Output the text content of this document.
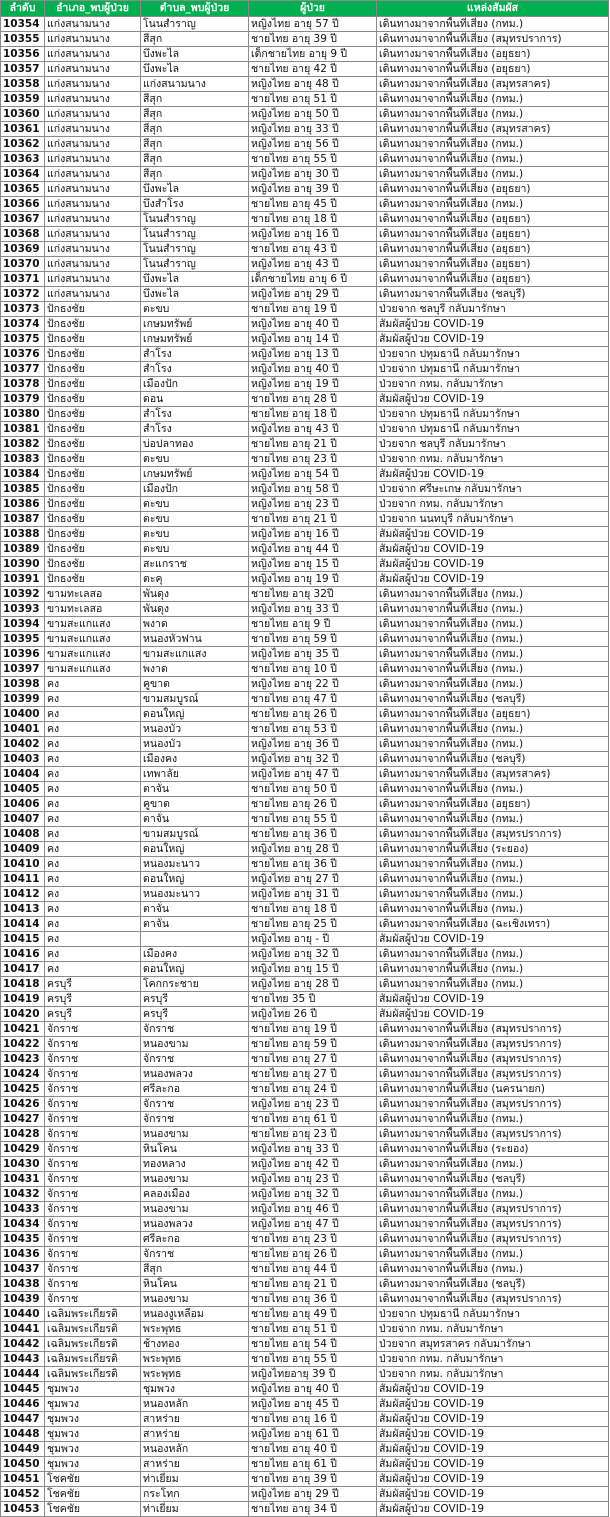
ลำดับ	อำเภอ_พบผู้ป่วย	ตำบล_พบผู้ป่วย	ผู้ป่วย	แหล่งสัมผัส
10354	แก่งสนามนาง	โนนสำราญ	หญิงไทย อายุ 57 ปี	เดินทางมาจากพื้นที่เสี่ยง (กทม.)
10355	แก่งสนามนาง	สีสุก	ชายไทย อายุ 39 ปี	เดินทางมาจากพื้นที่เสี่ยง (สมุทรปราการ)
10356	แก่งสนามนาง	บึงพะไล	เด็กชายไทย อายุ 9 ปี	เดินทางมาจากพื้นที่เสี่ยง (อยุธยา)
10357	แก่งสนามนาง	บึงพะไล	ชายไทย อายุ 42 ปี	เดินทางมาจากพื้นที่เสี่ยง (อยุธยา)
10358	แก่งสนามนาง	แก่งสนามนาง	หญิงไทย อายุ 48 ปี	เดินทางมาจากพื้นที่เสี่ยง (สมุทรสาคร)
10359	แก่งสนามนาง	สีสุก	ชายไทย อายุ 51 ปี	เดินทางมาจากพื้นที่เสี่ยง (กทม.)
10360	แก่งสนามนาง	สีสุก	หญิงไทย อายุ 50 ปี	เดินทางมาจากพื้นที่เสี่ยง (กทม.)
10361	แก่งสนามนาง	สีสุก	หญิงไทย อายุ 33 ปี	เดินทางมาจากพื้นที่เสี่ยง (สมุทรสาคร)
10362	แก่งสนามนาง	สีสุก	หญิงไทย อายุ 56 ปี	เดินทางมาจากพื้นที่เสี่ยง (กทม.)
10363	แก่งสนามนาง	สีสุก	ชายไทย อายุ 55 ปี	เดินทางมาจากพื้นที่เสี่ยง (กทม.)
10364	แก่งสนามนาง	สีสุก	หญิงไทย อายุ 30 ปี	เดินทางมาจากพื้นที่เสี่ยง (กทม.)
10365	แก่งสนามนาง	บึงพะไล	หญิงไทย อายุ 39 ปี	เดินทางมาจากพื้นที่เสี่ยง (อยุธยา)
10366	แก่งสนามนาง	บึงสำโรง	ชายไทย อายุ 45 ปี	เดินทางมาจากพื้นที่เสี่ยง (กทม.)
10367	แก่งสนามนาง	โนนสำราญ	ชายไทย อายุ 18 ปี	เดินทางมาจากพื้นที่เสี่ยง (อยุธยา)
10368	แก่งสนามนาง	โนนสำราญ	หญิงไทย อายุ 16 ปี	เดินทางมาจากพื้นที่เสี่ยง (อยุธยา)
10369	แก่งสนามนาง	โนนสำราญ	ชายไทย อายุ 43 ปี	เดินทางมาจากพื้นที่เสี่ยง (อยุธยา)
10370	แก่งสนามนาง	โนนสำราญ	หญิงไทย อายุ 43 ปี	เดินทางมาจากพื้นที่เสี่ยง (อยุธยา)
10371	แก่งสนามนาง	บึงพะไล	เด็กชายไทย อายุ 6 ปี	เดินทางมาจากพื้นที่เสี่ยง (อยุธยา)
10372	แก่งสนามนาง	บึงพะไล	หญิงไทย อายุ 29 ปี	เดินทางมาจากพื้นที่เสี่ยง (ชลบุรี)
10373	ปักธงชัย	ตะขบ	ชายไทย อายุ 19 ปี	ป่วยจาก ชลบุรี กลับมารักษา
10374	ปักธงชัย	เกษมทรัพย์	หญิงไทย อายุ 40 ปี	สัมผัสผู้ป่วย COVID-19
10375	ปักธงชัย	เกษมทรัพย์	หญิงไทย อายุ 14 ปี	สัมผัสผู้ป่วย COVID-19
10376	ปักธงชัย	สำโรง	หญิงไทย อายุ 13 ปี	ป่วยจาก ปทุมธานี กลับมารักษา
10377	ปักธงชัย	สำโรง	หญิงไทย อายุ 40 ปี	ป่วยจาก ปทุมธานี กลับมารักษา
10378	ปักธงชัย	เมืองปัก	หญิงไทย อายุ 19 ปี	ป่วยจาก กทม. กลับมารักษา
10379	ปักธงชัย	ดอน	ชายไทย อายุ 28 ปี	สัมผัสผู้ป่วย COVID-19
10380	ปักธงชัย	สำโรง	ชายไทย อายุ 18 ปี	ป่วยจาก ปทุมธานี กลับมารักษา
10381	ปักธงชัย	สำโรง	หญิงไทย อายุ 43 ปี	ป่วยจาก ปทุมธานี กลับมารักษา
10382	ปักธงชัย	บ่อปลาทอง	ชายไทย อายุ 21 ปี	ป่วยจาก ชลบุรี กลับมารักษา
10383	ปักธงชัย	ตะขบ	ชายไทย อายุ 23 ปี	ป่วยจาก กทม. กลับมารักษา
10384	ปักธงชัย	เกษมทรัพย์	หญิงไทย อายุ 54 ปี	สัมผัสผู้ป่วย COVID-19
10385	ปักธงชัย	เมืองปัก	หญิงไทย อายุ 58 ปี	ป่วยจาก ศรีษะเกษ กลับมารักษา
10386	ปักธงชัย	ตะขบ	หญิงไทย อายุ 23 ปี	ป่วยจาก กทม. กลับมารักษา
10387	ปักธงชัย	ตะขบ	ชายไทย อายุ 21 ปี	ป่วยจาก นนทบุรี กลับมารักษา
10388	ปักธงชัย	ตะขบ	หญิงไทย อายุ 16 ปี	สัมผัสผู้ป่วย COVID-19
10389	ปักธงชัย	ตะขบ	หญิงไทย อายุ 44 ปี	สัมผัสผู้ป่วย COVID-19
10390	ปักธงชัย	สะแกราช	หญิงไทย อายุ 15 ปี	สัมผัสผู้ป่วย COVID-19
10391	ปักธงชัย	ตะคุ	หญิงไทย อายุ 19 ปี	สัมผัสผู้ป่วย COVID-19
10392	ขามทะเลสอ	พันดุง	ชายไทย อายุ 32ปี	เดินทางมาจากพื้นที่เสี่ยง (กทม.)
10393	ขามทะเลสอ	พันดุง	หญิงไทย อายุ 33 ปี	เดินทางมาจากพื้นที่เสี่ยง (กทม.)
10394	ขามสะแกแสง	พงาด	ชายไทย อายุ 9 ปี	เดินทางมาจากพื้นที่เสี่ยง (กทม.)
10395	ขามสะแกแสง	หนองหัวฟาน	ชายไทย อายุ 59 ปี	เดินทางมาจากพื้นที่เสี่ยง (กทม.)
10396	ขามสะแกแสง	ขามสะแกแสง	หญิงไทย อายุ 35 ปี	เดินทางมาจากพื้นที่เสี่ยง (กทม.)
10397	ขามสะแกแสง	พงาด	ชายไทย อายุ 10 ปี	เดินทางมาจากพื้นที่เสี่ยง (กทม.)
10398	คง	คูขาด	หญิงไทย อายุ 22 ปี	เดินทางมาจากพื้นที่เสี่ยง (กทม.)
10399	คง	ขามสมบูรณ์	ชายไทย อายุ 47 ปี	เดินทางมาจากพื้นที่เสี่ยง (ชลบุรี)
10400	คง	ดอนใหญ่	ชายไทย อายุ 26 ปี	เดินทางมาจากพื้นที่เสี่ยง (อยุธยา)
10401	คง	หนองบัว	ชายไทย อายุ 53 ปี	เดินทางมาจากพื้นที่เสี่ยง (กทม.)
10402	คง	หนองบัว	หญิงไทย อายุ 36 ปี	เดินทางมาจากพื้นที่เสี่ยง (กทม.)
10403	คง	เมืองคง	หญิงไทย อายุ 32 ปี	เดินทางมาจากพื้นที่เสี่ยง (ชลบุรี)
10404	คง	เทพาลัย	หญิงไทย อายุ 47 ปี	เดินทางมาจากพื้นที่เสี่ยง (สมุทรสาคร)
10405	คง	ตาจั่น	ชายไทย อายุ 50 ปี	เดินทางมาจากพื้นที่เสี่ยง (กทม.)
10406	คง	คูขาด	ชายไทย อายุ 26 ปี	เดินทางมาจากพื้นที่เสี่ยง (อยุธยา)
10407	คง	ตาจั่น	ชายไทย อายุ 55 ปี	เดินทางมาจากพื้นที่เสี่ยง (กทม.)
10408	คง	ขามสมบูรณ์	ชายไทย อายุ 36 ปี	เดินทางมาจากพื้นที่เสี่ยง (สมุทรปราการ)
10409	คง	ดอนใหญ่	หญิงไทย อายุ 28 ปี	เดินทางมาจากพื้นที่เสี่ยง (ระยอง)
10410	คง	หนองมะนาว	ชายไทย อายุ 36 ปี	เดินทางมาจากพื้นที่เสี่ยง (กทม.)
10411	คง	ดอนใหญ่	หญิงไทย อายุ 27 ปี	เดินทางมาจากพื้นที่เสี่ยง (กทม.)
10412	คง	หนองมะนาว	หญิงไทย อายุ 31 ปี	เดินทางมาจากพื้นที่เสี่ยง (กทม.)
10413	คง	ตาจั่น	ชายไทย อายุ 18 ปี	เดินทางมาจากพื้นที่เสี่ยง (กทม.)
10414	คง	ตาจั่น	ชายไทย อายุ 25 ปี	เดินทางมาจากพื้นที่เสี่ยง (ฉะเชิงเทรา)
10415	คง		หญิงไทย อายุ - ปี	สัมผัสผู้ป่วย COVID-19
10416	คง	เมืองคง	หญิงไทย อายุ 32 ปี	เดินทางมาจากพื้นที่เสี่ยง (กทม.)
10417	คง	ดอนใหญ่	หญิงไทย อายุ 15 ปี	เดินทางมาจากพื้นที่เสี่ยง (กทม.)
10418	ครบุรี	โคกกระชาย	หญิงไทย อายุ 28 ปี	เดินทางมาจากพื้นที่เสี่ยง (กทม.)
10419	ครบุรี	ครบุรี	ชายไทย 35 ปี	สัมผัสผู้ป่วย COVID-19
10420	ครบุรี	ครบุรี	หญิงไทย 26 ปี	สัมผัสผู้ป่วย COVID-19
10421	จักราช	จักราช	ชายไทย อายุ 19 ปี	เดินทางมาจากพื้นที่เสี่ยง (สมุทรปราการ)
10422	จักราช	หนองขาม	ชายไทย อายุ 59 ปี	เดินทางมาจากพื้นที่เสี่ยง (สมุทรปราการ)
10423	จักราช	จักราช	ชายไทย อายุ 27 ปี	เดินทางมาจากพื้นที่เสี่ยง (สมุทรปราการ)
10424	จักราช	หนองพลวง	ชายไทย อายุ 27 ปี	เดินทางมาจากพื้นที่เสี่ยง (สมุทรปราการ)
10425	จักราช	ศรีละกอ	ชายไทย อายุ 24 ปี	เดินทางมาจากพื้นที่เสี่ยง (นครนายก)
10426	จักราช	จักราช	หญิงไทย อายุ 23 ปี	เดินทางมาจากพื้นที่เสี่ยง (สมุทรปราการ)
10427	จักราช	จักราช	ชายไทย อายุ 61 ปี	เดินทางมาจากพื้นที่เสี่ยง (กทม.)
10428	จักราช	หนองขาม	ชายไทย อายุ 23 ปี	เดินทางมาจากพื้นที่เสี่ยง (สมุทรปราการ)
10429	จักราช	หินโคน	หญิงไทย อายุ 33 ปี	เดินทางมาจากพื้นที่เสี่ยง (ระยอง)
10430	จักราช	ทองหลาง	หญิงไทย อายุ 42 ปี	เดินทางมาจากพื้นที่เสี่ยง (กทม.)
10431	จักราช	หนองขาม	หญิงไทย อายุ 23 ปี	เดินทางมาจากพื้นที่เสี่ยง (ชลบุรี)
10432	จักราช	คลองเมือง	หญิงไทย อายุ 32 ปี	เดินทางมาจากพื้นที่เสี่ยง (กทม.)
10433	จักราช	หนองขาม	หญิงไทย อายุ 46 ปี	เดินทางมาจากพื้นที่เสี่ยง (สมุทรปราการ)
10434	จักราช	หนองพลวง	หญิงไทย อายุ 47 ปี	เดินทางมาจากพื้นที่เสี่ยง (สมุทรปราการ)
10435	จักราช	ศรีละกอ	ชายไทย อายุ 23 ปี	เดินทางมาจากพื้นที่เสี่ยง (สมุทรปราการ)
10436	จักราช	จักราช	ชายไทย อายุ 26 ปี	เดินทางมาจากพื้นที่เสี่ยง (กทม.)
10437	จักราช	สีสุก	ชายไทย อายุ 44 ปี	เดินทางมาจากพื้นที่เสี่ยง (กทม.)
10438	จักราช	หินโคน	ชายไทย อายุ 21 ปี	เดินทางมาจากพื้นที่เสี่ยง (ชลบุรี)
10439	จักราช	หนองขาม	ชายไทย อายุ 36 ปี	เดินทางมาจากพื้นที่เสี่ยง (สมุทรปราการ)
10440	เฉลิมพระเกียรติ	หนองงูเหลือม	ชายไทย อายุ 49 ปี	ป่วยจาก ปทุมธานี กลับมารักษา
10441	เฉลิมพระเกียรติ	พระพุทธ	ชายไทย อายุ 51 ปี	ป่วยจาก กทม. กลับมารักษา
10442	เฉลิมพระเกียรติ	ช้างทอง	ชายไทย อายุ 54 ปี	ป่วยจาก สมุทรสาคร กลับมารักษา
10443	เฉลิมพระเกียรติ	พระพุทธ	ชายไทย อายุ 55 ปี	ป่วยจาก กทม. กลับมารักษา
10444	เฉลิมพระเกียรติ	พระพุทธ	หญิงไทยอายุ 39 ปี	ป่วยจาก กทม. กลับมารักษา
10445	ชุมพวง	ชุมพวง	หญิงไทย อายุ 40 ปี	สัมผัสผู้ป่วย COVID-19
10446	ชุมพวง	หนองหลัก	หญิงไทย อายุ 45 ปี	สัมผัสผู้ป่วย COVID-19
10447	ชุมพวง	สาหร่าย	ชายไทย อายุ 16 ปี	สัมผัสผู้ป่วย COVID-19
10448	ชุมพวง	สาหร่าย	หญิงไทย อายุ 61 ปี	สัมผัสผู้ป่วย COVID-19
10449	ชุมพวง	หนองหลัก	ชายไทย อายุ 40 ปี	สัมผัสผู้ป่วย COVID-19
10450	ชุมพวง	สาหร่าย	ชายไทย อายุ 61 ปี	สัมผัสผู้ป่วย COVID-19
10451	โชคชัย	ท่าเยี่ยม	ชายไทย อายุ 39 ปี	สัมผัสผู้ป่วย COVID-19
10452	โชคชัย	กระโทก	หญิงไทย อายุ 29 ปี	สัมผัสผู้ป่วย COVID-19
10453	โชคชัย	ท่าเยี่ยม	ชายไทย อายุ 34 ปี	สัมผัสผู้ป่วย COVID-19
